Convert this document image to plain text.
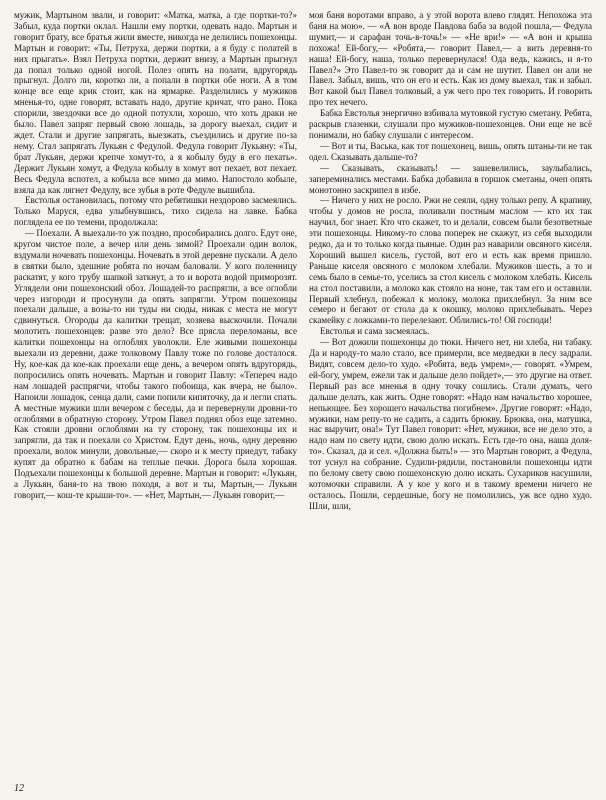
мужик, Мартыном звали, и говорит: «Матка, матка, а где портки-то?» Забыл, куда портки оклал. Нашли ему портки, одевать надо. Мартын и говорит брату, все братья жили вместе, никогда не делились пошехонцы. Мартын и говорит: «Ты, Петруха, держи портки, а я буду с полатей в них прыгать». Взял Петруха портки, держит внизу, а Мартын прыгнул да попал только одной ногой. Полез опять на полати, вдругорядь прыгнул. Долго ли, коротко ли, а попали в портки обе ноги. А в том конце все еще крик стоит, как на ярмарке. Разделились у мужиков мненья-то, одне говорят, вставать надо, другие кричат, что рано. Пока спорили, звездочки все до одной потухли, хорошо, что хоть драки не было. Павел запряг первый свою лошадь, за дорогу выехал, сидит и ждет. Стали и другие запрягать, выезжать, съездились и другие по-за нему. Стал запрягать Лукьян с Федулой. Федула говорит Лукьяну: «Ты, брат Лукьян, держи крепче хомут-то, а я кобылу буду в его пехать». Держит Лукьян хомут, а Федула кобылу в хомут вот пехает, вот пехает. Весь Федула вспотел, а кобыла все мимо да мимо. Напостоло кобыле, взяла да как лягнет Федулу, все зубья в роте Федуле вышибла.

Евстолья остановилась, потому что ребятишки нездорово засмеялись. Только Маруся, едва улыбнувшись, тихо сидела на лавке. Бабка поглядела ее по темени, продолжала:

— Поехали. А выехали-то уж поздно, прособирались долго. Едут оне, кругом чистое поле, а вечер или день зимой? Проехали один волок, вздумали ночевать пошехонцы. Ночевать в этой деревне пускали. А дело в святки было, здешние робята по ночам баловали. У кого поленницу раскатят, у кого трубу шапкой заткнут, а то и ворота водой приморозят. Углядели они пошехонский обоз. Лошадей-то распрягли, а все оглобли через изгороди и просунули да опять запрягли. Утром пошехонцы поехали дальше, а возы-то ни туды ни сюды, никак с места не могут сдвинуться. Огороды да калитки трещат, хозяева выскочили. Почали молотить пошехонцев: разве это дело? Все прясла переломаны, все калитки пошехонцы на оглоблях уволокли. Еле живыми пошехонцы выехали из деревни, даже толковому Павлу тоже по голове досталося. Ну, кое-как да кое-как проехали еще день, а вечером опять вдругорядь, попросились опять ночевать. Мартын и говорит Павлу: «Тепереч надо нам лошадей распрягчи, чтобы такого побоища, как вчера, не было». Напоили лошадок, сенца дали, сами попили кипяточку, да и легли спать. А местные мужики шли вечером с беседы, да и перевернули дровни-то оглоблями в обратную сторону. Утром Павел поднял обоз еще затемно. Как стояли дровни оглоблями на ту сторону, так пошехонцы их и запрягли, да так и поехали со Христом. Едут день, ночь, одну деревню проехали, волок минули, довольные,— скоро и к месту приедут, табаку купят да обратно к бабам на теплые печки. Дорога была хорошая. Подъехали пошехонцы к большой деревне. Мартын и говорит: «Лукьян, а Лукьян, баня-то на твою походя, а вот и ты, Мартын,— Лукьян говорит,— кош-те крыши-то». — «Нет, Мартын,— Лукьян говорит,—

моя баня воротами вправо, а у этой ворота влево глядят. Непохожа эта баня на мою». — «А вон вроде Павдова баба за водой пошла,— Федула шумит,— и сарафан точь-в-точь!» — «Не ври!» — «А вон и крыша похожа! Ей-богу,— «Робята,— говорит Павел,— а вить деревня-то наша! Ей-богу, наша, только перевернулася! Ода ведь, кажись, и я-то Павел?» Это Павел-то эк говорит да и сам не шутит. Павел он али не Павел. Забыл, вишь, что он его и есть. Как из дому выехал, так и забыл. Вот какой был Павел толковый, а уж чего про тех говорить. И говорить про тех нечего.

Бабка Евстолья энергично взбивала мутовкой густую сметану. Ребята, раскрыв глазенки, слушали про мужиков-пошехонцев. Они еще не всё понимали, но бабку слушали с интересом.

— Вот и ты, Васька, как тот пошехонец, вишь, опять штаны-ти не так одел. Сказывать дальше-то?

— Сказывать, сказывать! — зашевелились, заулыбались, запереминались местами. Бабка добавила в горшок сметаны, очеп опять монотонно заскрипел в избе.

— Ничего у них не росло. Ржи не сеяли, одну только репу. А крапиву, чтобы у домов не росла, поливали постным маслом — кто их так научил, бог знает. Кто что скажет, то и делали, совсем были безответные эти пошехонцы. Никому-то слова поперек не скажут, из себя выходили редко, да и то только когда пьяные. Один раз наварили овсяного киселя. Хороший вышел кисель, густой, вот его и есть как время пришло. Раньше киселя овсяного с молоком хлебали. Мужиков шесть, а то и семь было в семье-то, уселись за стол кисель с молоком хлебать. Кисель на стол поставили, а молоко как стояло на ноне, так там его и оставили. Первый хлебнул, побежал к молоку, молока прихлебнул. За ним все семеро и бегают от стола да к окошку, молоко прихлебывать. Через скамейку с ложками-то перелезают. Облились-то! Ой господи!

Евстолья и сама засмеялась.

— Вот дожили пошехонцы до тюки. Ничего нет, ни хлеба, ни табаку. Да и народу-то мало стало, все примерли, все медведки в лесу задрали. Видят, совсем дело-то худо. «Робята, ведь умрем»,— говорят. «Умрем, ей-богу, умрем, ежели так и дальше дело пойдет»,— это другие на ответ. Первый раз все мненья в одну точку сошлись. Стали думать, чего дальше делать, как жить. Одне говорят: «Надо нам начальство хорошее, непьющее. Без хорошего начальства погибнем». Другие говорят: «Надо, мужики, нам репу-то не садить, а садить брюкву. Брюква, она, матушка, нас выручит, она!» Тут Павел говорит: «Нет, мужики, все не дело это, а надо нам по свету идти, свою долю искать. Есть где-то она, наша доля-то». Сказал, да и сел. «Должна быть!» — это Мартын говорит, а Федула, тот уснул на собрание. Судили-рядили, постановили пошехонцы идти по белому свету свою пошехонскую долю искать. Сухариков насушили, котомочки справили. А у кое у кого и в такому времени ничего не осталось. Пошли, сердешные, богу не помолились, уж все одно худо. Шли, шли,

12
